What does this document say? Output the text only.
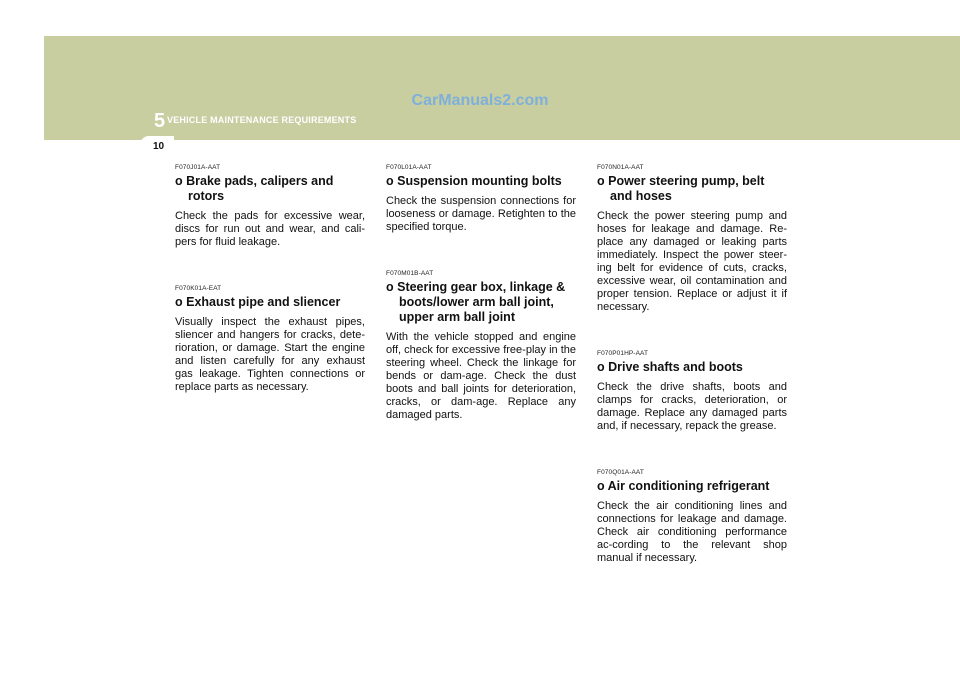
CarManuals2.com
5 VEHICLE MAINTENANCE REQUIREMENTS
10
F070J01A-AAT
o Brake pads, calipers and rotors
Check the pads for excessive wear, discs for run out and wear, and cali-pers for fluid leakage.
F070K01A-EAT
o Exhaust pipe and sliencer
Visually inspect the exhaust pipes, sliencer and hangers for cracks, dete-rioration, or damage. Start the engine and listen carefully for any exhaust gas leakage. Tighten connections or replace parts as necessary.
F070L01A-AAT
o Suspension mounting bolts
Check the suspension connections for looseness or damage. Retighten to the specified torque.
F070M01B-AAT
o Steering gear box, linkage & boots/lower arm ball joint, upper arm ball joint
With the vehicle stopped and engine off, check for excessive free-play in the steering wheel. Check the linkage for bends or dam-age. Check the dust boots and ball joints for deterioration, cracks, or dam-age. Replace any damaged parts.
F070N01A-AAT
o Power steering pump, belt and hoses
Check the power steering pump and hoses for leakage and damage. Re-place any damaged or leaking parts immediately. Inspect the power steer-ing belt for evidence of cuts, cracks, excessive wear, oil contamination and proper tension. Replace or adjust it if necessary.
F070P01HP-AAT
o Drive shafts and boots
Check the drive shafts, boots and clamps for cracks, deterioration, or damage. Replace any damaged parts and, if necessary, repack the grease.
F070Q01A-AAT
o Air conditioning refrigerant
Check the air conditioning lines and connections for leakage and damage. Check air conditioning performance ac-cording to the relevant shop manual if necessary.
